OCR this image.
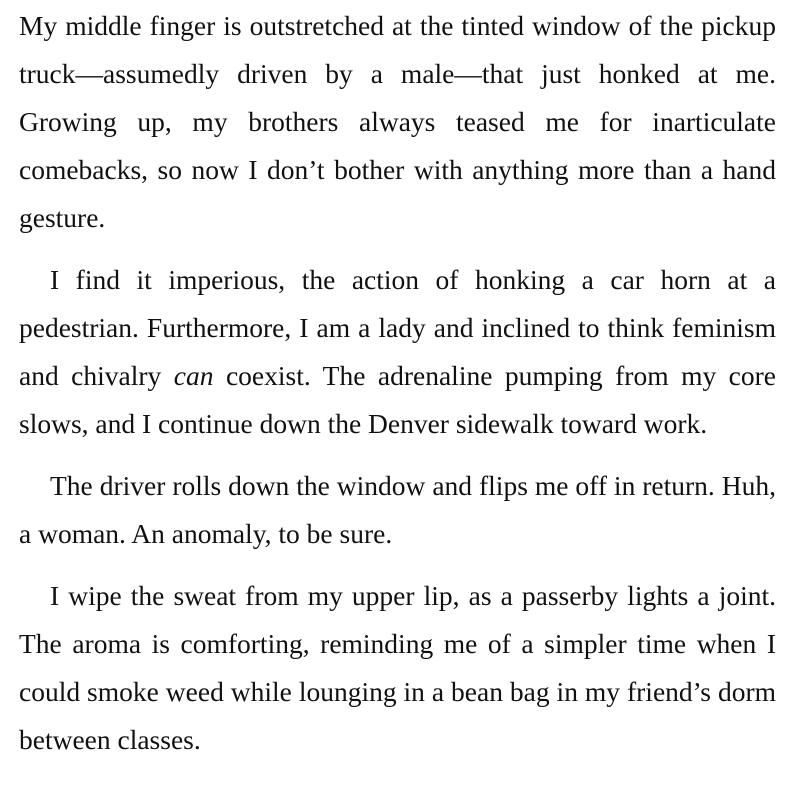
My middle finger is outstretched at the tinted window of the pickup truck—assumedly driven by a male—that just honked at me. Growing up, my brothers always teased me for inarticulate comebacks, so now I don’t bother with anything more than a hand gesture.

I find it imperious, the action of honking a car horn at a pedestrian. Furthermore, I am a lady and inclined to think feminism and chivalry can coexist. The adrenaline pumping from my core slows, and I continue down the Denver sidewalk toward work.

The driver rolls down the window and flips me off in return. Huh, a woman. An anomaly, to be sure.

I wipe the sweat from my upper lip, as a passerby lights a joint. The aroma is comforting, reminding me of a simpler time when I could smoke weed while lounging in a bean bag in my friend’s dorm between classes.
